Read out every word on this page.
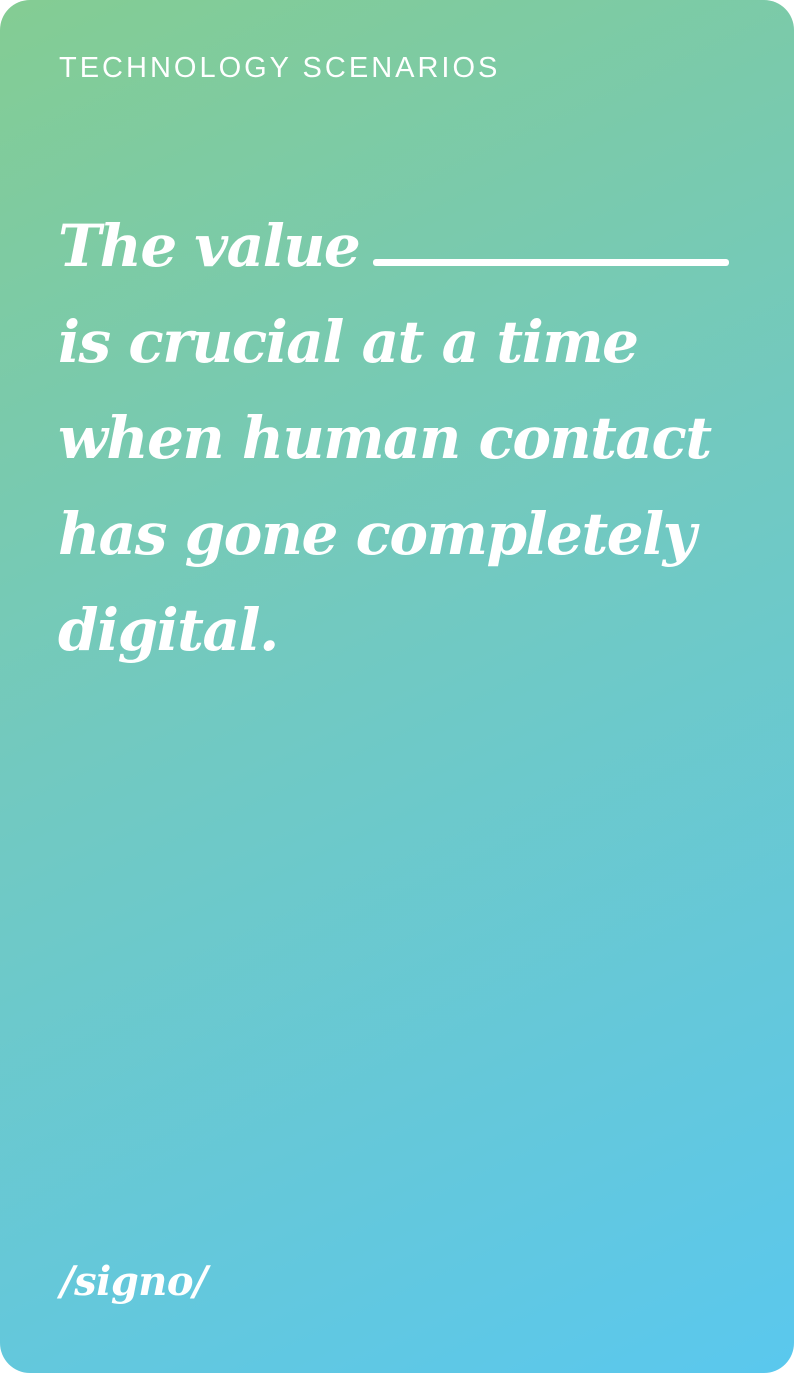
TECHNOLOGY SCENARIOS
The value
is crucial at a time
when human contact
has gone completely
digital.
/signo/
